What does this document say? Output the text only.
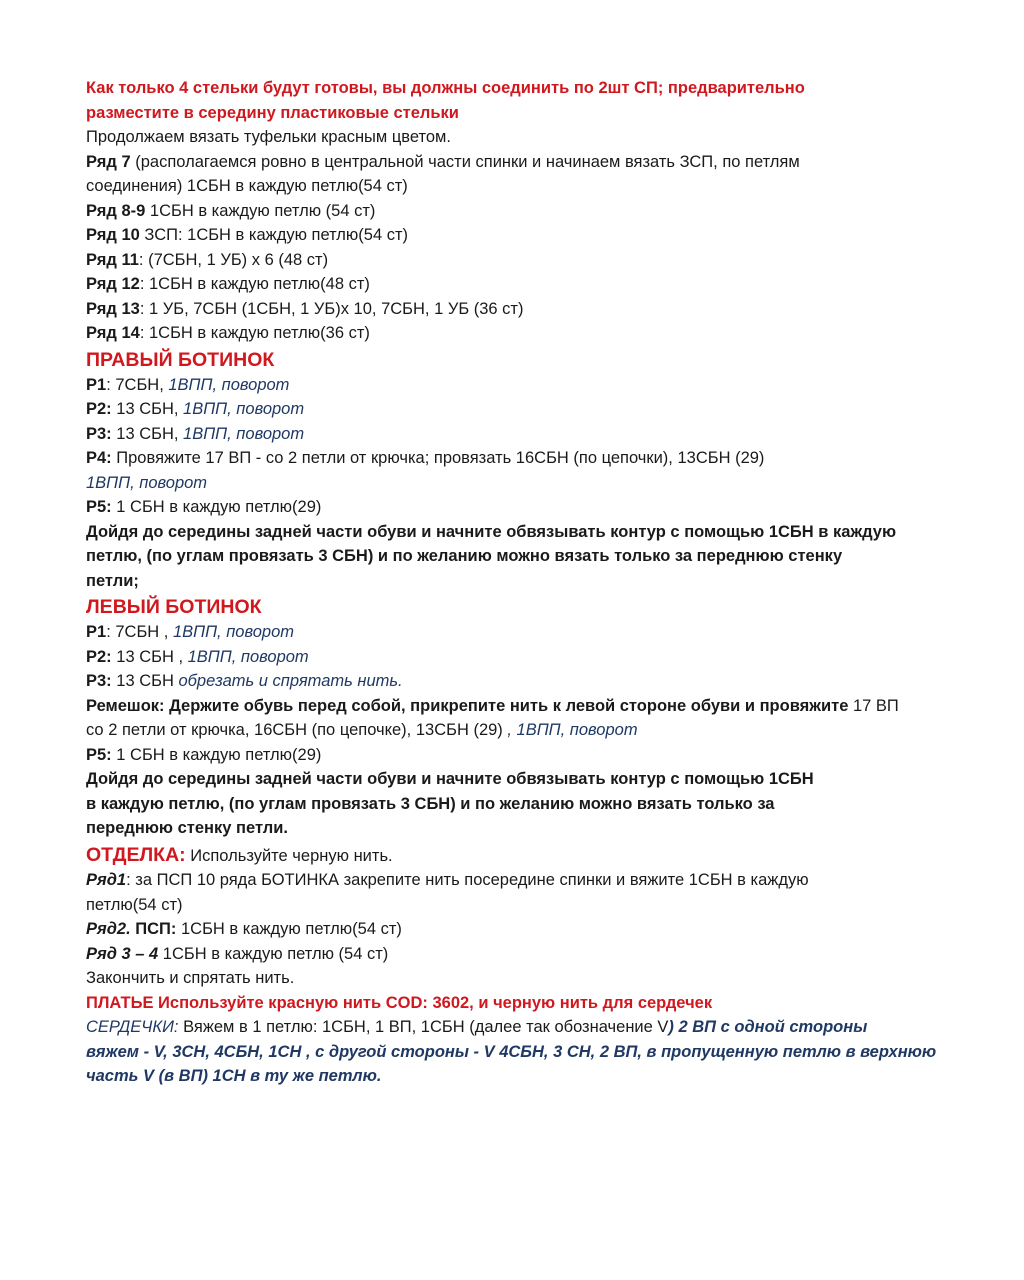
Как только 4 стельки будут готовы, вы должны соединить по 2шт СП; предварительно

разместите в середину пластиковые стельки

Продолжаем вязать туфельки красным цветом.

Ряд 7 (располагаемся ровно в центральной части спинки и начинаем вязать ЗСП, по петлям

соединения) 1СБН в каждую петлю(54 ст)

Ряд 8-9 1СБН в каждую петлю (54 ст)

Ряд 10 ЗСП: 1СБН в каждую петлю(54 ст)

Ряд 11: (7СБН, 1 УБ) х 6 (48 ст)

Ряд 12: 1СБН в каждую петлю(48 ст)

Ряд 13: 1 УБ, 7СБН (1СБН, 1 УБ)х 10, 7СБН, 1 УБ (36 ст)

Ряд 14: 1СБН в каждую петлю(36 ст)

ПРАВЫЙ БОТИНОК

Р1: 7СБН, 1ВПП, поворот

Р2: 13 СБН, 1ВПП, поворот

Р3: 13 СБН, 1ВПП, поворот

Р4: Провяжите 17 ВП - со 2 петли от крючка; провязать 16СБН (по цепочки), 13СБН (29)

1ВПП, поворот

Р5: 1 СБН в каждую петлю(29)

Дойдя до середины задней части обуви и начните обвязывать контур с помощью 1СБН в каждую

петлю, (по углам провязать 3 СБН) и по желанию можно вязать только за переднюю стенку

петли;

ЛЕВЫЙ БОТИНОК

Р1: 7СБН , 1ВПП, поворот

Р2: 13 СБН , 1ВПП, поворот

Р3: 13 СБН обрезать и спрятать нить.

Ремешок: Держите обувь перед собой, прикрепите нить к левой стороне обуви и провяжите 17 ВП

со 2 петли от крючка, 16СБН (по цепочке), 13СБН (29) , 1ВПП, поворот

Р5: 1 СБН в каждую петлю(29)

Дойдя до середины задней части обуви и начните обвязывать контур с помощью 1СБН

в каждую петлю, (по углам провязать 3 СБН) и по желанию можно вязать только за

переднюю стенку петли.

ОТДЕЛКА: Используйте черную нить.

Ряд1: за ПСП 10 ряда БОТИНКА закрепите нить посередине спинки и вяжите 1СБН в каждую

петлю(54 ст)

Ряд2. ПСП: 1СБН в каждую петлю(54 ст)

Ряд 3 – 4 1СБН в каждую петлю (54 ст)

Закончить и спрятать нить.

ПЛАТЬЕ Используйте красную нить COD: 3602, и черную нить для сердечек

СЕРДЕЧКИ: Вяжем в 1 петлю: 1СБН, 1 ВП, 1СБН (далее так обозначение V) 2 ВП с одной стороны

вяжем - V, 3СН, 4СБН, 1СН , с другой стороны - V 4СБН, 3 СН, 2 ВП, в пропущенную петлю в верхнюю

часть V (в ВП) 1СН в ту же петлю.
